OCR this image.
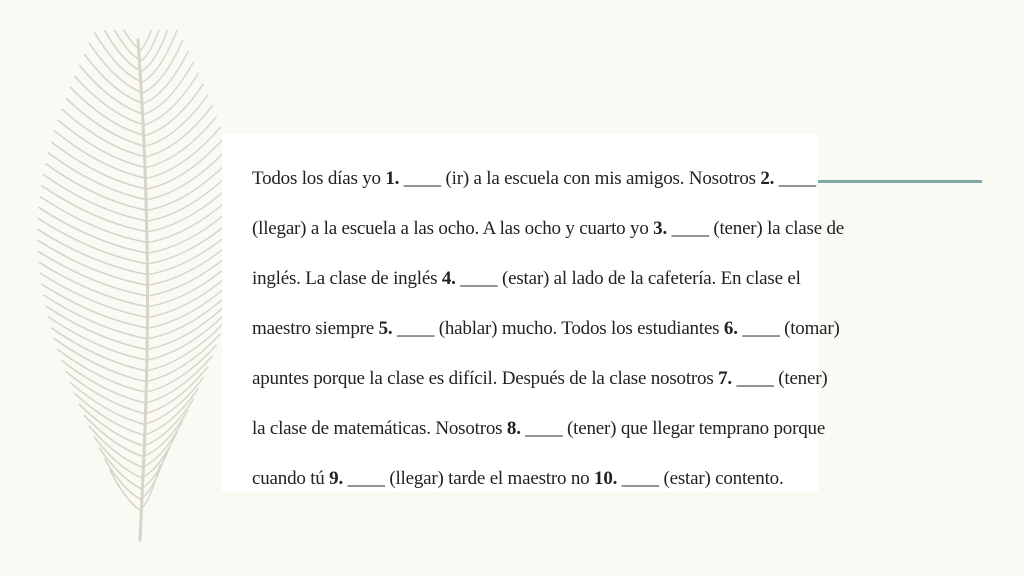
Todos los días yo 1. ____ (ir) a la escuela con mis amigos. Nosotros 2. ____
(llegar) a la escuela a las ocho. A las ocho y cuarto yo 3. ____ (tener) la clase de
inglés. La clase de inglés 4. ____ (estar) al lado de la cafetería. En clase el
maestro siempre 5. ____ (hablar) mucho. Todos los estudiantes 6. ____ (tomar)
apuntes porque la clase es difícil. Después de la clase nosotros 7. ____ (tener)
la clase de matemáticas. Nosotros 8. ____ (tener) que llegar temprano porque
cuando tú 9. ____ (llegar) tarde el maestro no 10. ____ (estar) contento.
